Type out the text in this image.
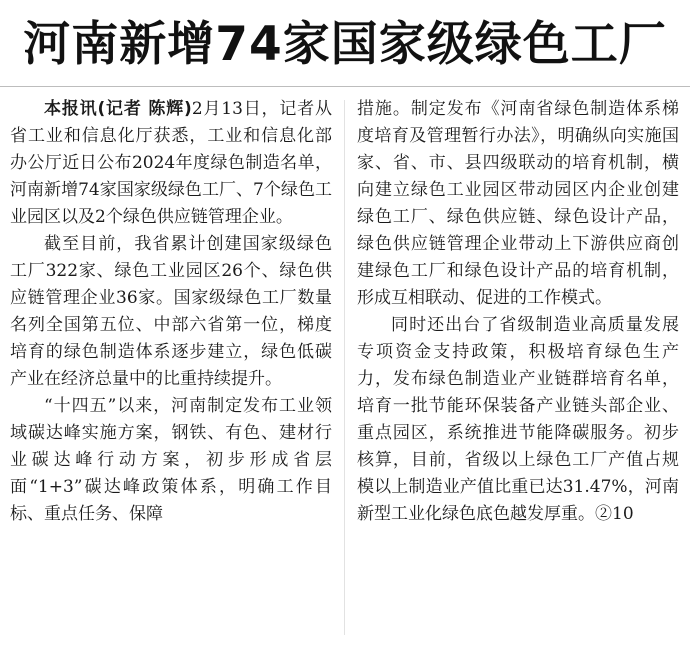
河南新增74家国家级绿色工厂

本报讯(记者 陈辉)2月13日，记者从省工业和信息化厅获悉，工业和信息化部办公厅近日公布2024年度绿色制造名单，河南新增74家国家级绿色工厂、7个绿色工业园区以及2个绿色供应链管理企业。

截至目前，我省累计创建国家级绿色工厂322家、绿色工业园区26个、绿色供应链管理企业36家。国家级绿色工厂数量名列全国第五位、中部六省第一位，梯度培育的绿色制造体系逐步建立，绿色低碳产业在经济总量中的比重持续提升。

“十四五”以来，河南制定发布工业领域碳达峰实施方案，钢铁、有色、建材行业碳达峰行动方案，初步形成省层面“1+3”碳达峰政策体系，明确工作目标、重点任务、保障

措施。制定发布《河南省绿色制造体系梯度培育及管理暂行办法》，明确纵向实施国家、省、市、县四级联动的培育机制，横向建立绿色工业园区带动园区内企业创建绿色工厂、绿色供应链、绿色设计产品，绿色供应链管理企业带动上下游供应商创建绿色工厂和绿色设计产品的培育机制，形成互相联动、促进的工作模式。

同时还出台了省级制造业高质量发展专项资金支持政策，积极培育绿色生产力，发布绿色制造业产业链群培育名单，培育一批节能环保装备产业链头部企业、重点园区，系统推进节能降碳服务。初步核算，目前，省级以上绿色工厂产值占规模以上制造业产值比重已达31.47%，河南新型工业化绿色底色越发厚重。②10
